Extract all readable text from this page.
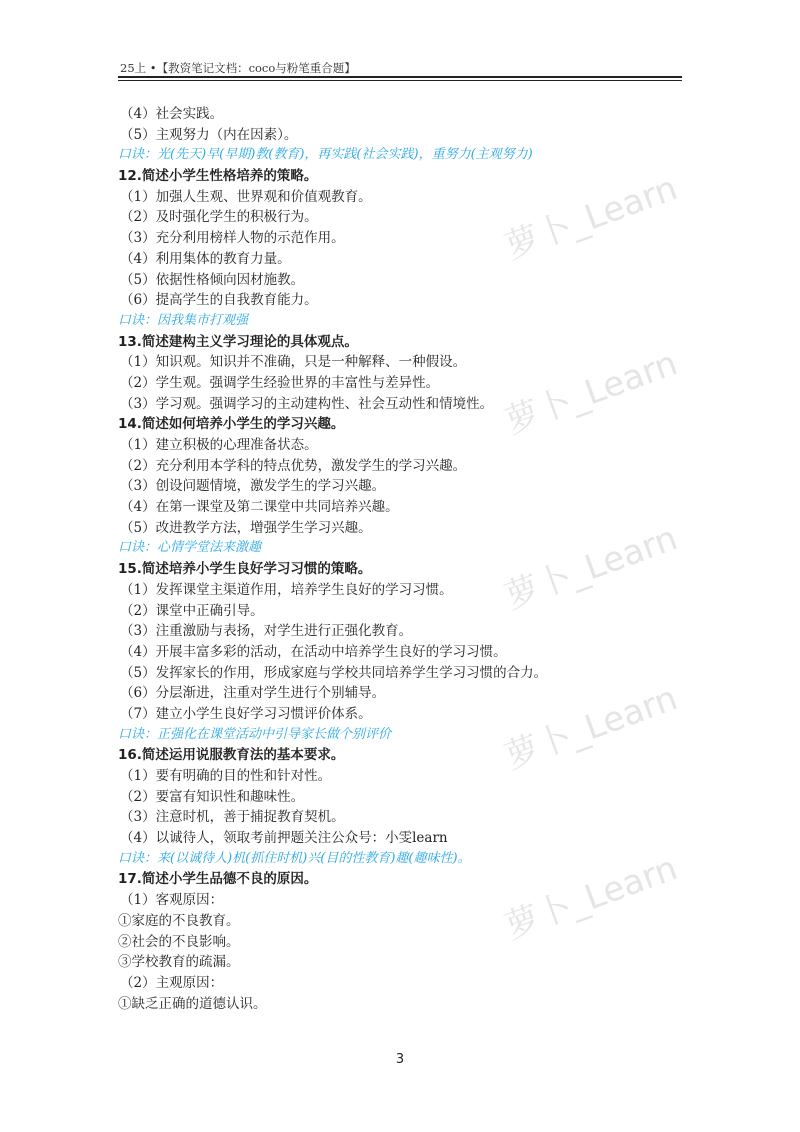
25上 •【教资笔记文档：coco与粉笔重合题】
萝卜_Learn
萝卜_Learn
萝卜_Learn
萝卜_Learn
萝卜_Learn
（4）社会实践。
（5）主观努力（内在因素）。
口诀：光(先天)早(早期)教(教育)，再实践(社会实践)，重努力(主观努力)
12.简述小学生性格培养的策略。
（1）加强人生观、世界观和价值观教育。
（2）及时强化学生的积极行为。
（3）充分利用榜样人物的示范作用。
（4）利用集体的教育力量。
（5）依据性格倾向因材施教。
（6）提高学生的自我教育能力。
口诀：因我集市打观强
13.简述建构主义学习理论的具体观点。
（1）知识观。知识并不准确，只是一种解释、一种假设。
（2）学生观。强调学生经验世界的丰富性与差异性。
（3）学习观。强调学习的主动建构性、社会互动性和情境性。
14.简述如何培养小学生的学习兴趣。
（1）建立积极的心理准备状态。
（2）充分利用本学科的特点优势，激发学生的学习兴趣。
（3）创设问题情境，激发学生的学习兴趣。
（4）在第一课堂及第二课堂中共同培养兴趣。
（5）改进教学方法，增强学生学习兴趣。
口诀：心情学堂法来激趣
15.简述培养小学生良好学习习惯的策略。
（1）发挥课堂主渠道作用，培养学生良好的学习习惯。
（2）课堂中正确引导。
（3）注重激励与表扬，对学生进行正强化教育。
（4）开展丰富多彩的活动，在活动中培养学生良好的学习习惯。
（5）发挥家长的作用，形成家庭与学校共同培养学生学习习惯的合力。
（6）分层渐进，注重对学生进行个别辅导。
（7）建立小学生良好学习习惯评价体系。
口诀：正强化在课堂活动中引导家长做个别评价
16.简述运用说服教育法的基本要求。
（1）要有明确的目的性和针对性。
（2）要富有知识性和趣味性。
（3）注意时机，善于捕捉教育契机。
（4）以诚待人，领取考前押题关注公众号：小雯learn
口诀：来(以诚待人)机(抓住时机)兴(目的性教育)趣(趣味性)。
17.简述小学生品德不良的原因。
（1）客观原因：
①家庭的不良教育。
②社会的不良影响。
③学校教育的疏漏。
（2）主观原因：
①缺乏正确的道德认识。
3
